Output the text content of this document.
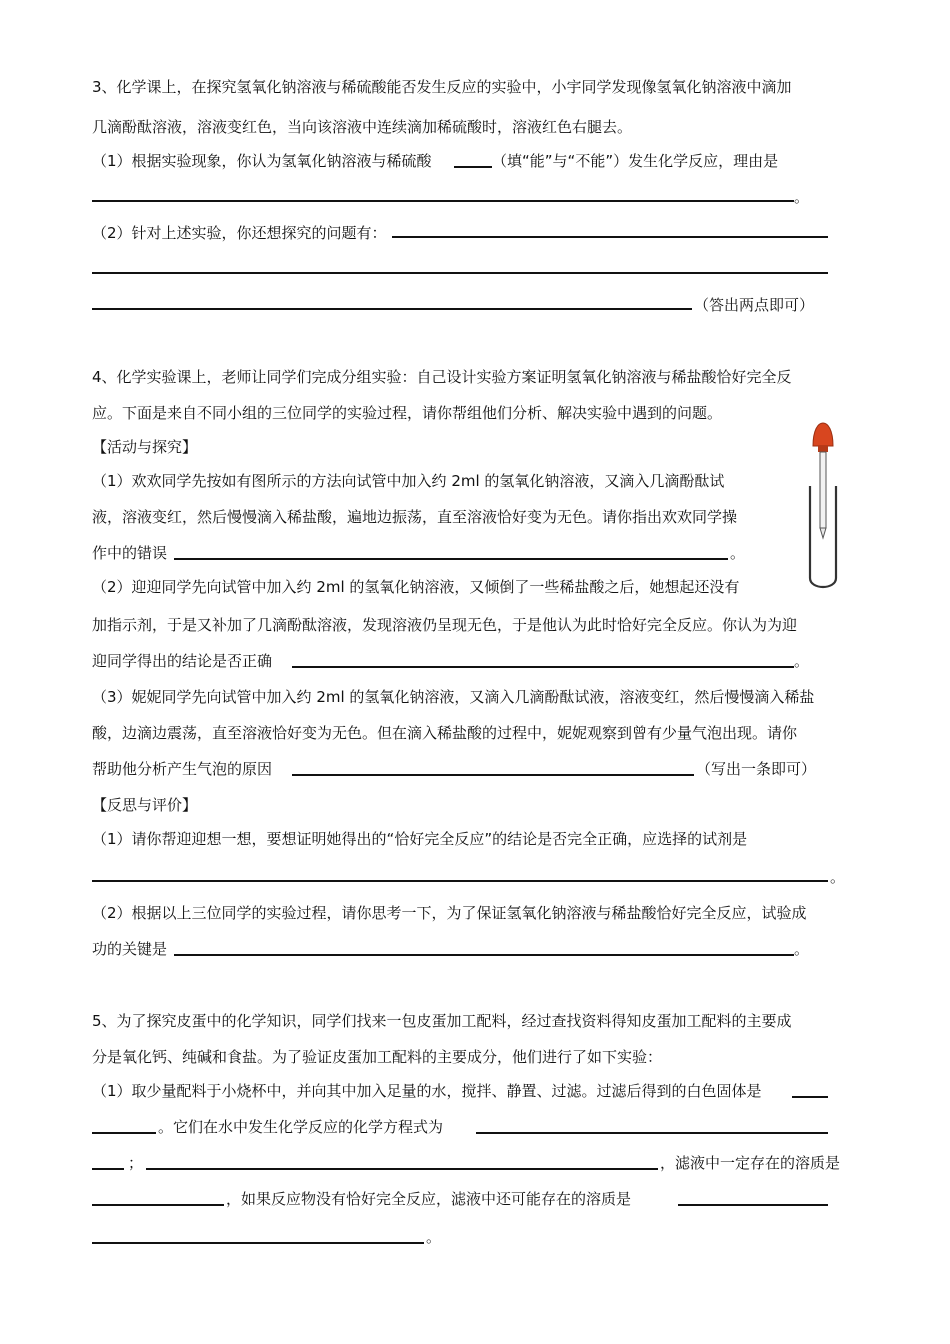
3、化学课上，在探究氢氧化钠溶液与稀硫酸能否发生反应的实验中，小宇同学发现像氢氧化钠溶液中滴加
几滴酚酞溶液，溶液变红色，当向该溶液中连续滴加稀硫酸时，溶液红色右腿去。
（1）根据实验现象，你认为氢氧化钠溶液与稀硫酸	（填“能”与“不能”）发生化学反应，理由是
。
（2）针对上述实验，你还想探究的问题有：
（答出两点即可）
4、化学实验课上，老师让同学们完成分组实验：自己设计实验方案证明氢氧化钠溶液与稀盐酸恰好完全反
应。下面是来自不同小组的三位同学的实验过程，请你帮组他们分析、解决实验中遇到的问题。
【活动与探究】
（1）欢欢同学先按如有图所示的方法向试管中加入约 2ml 的氢氧化钠溶液，又滴入几滴酚酞试
液，溶液变红，然后慢慢滴入稀盐酸，遍地边振荡，直至溶液恰好变为无色。请你指出欢欢同学操
作中的错误	。
（2）迎迎同学先向试管中加入约 2ml 的氢氧化钠溶液，又倾倒了一些稀盐酸之后，她想起还没有
加指示剂，于是又补加了几滴酚酞溶液，发现溶液仍呈现无色，于是他认为此时恰好完全反应。你认为为迎
迎同学得出的结论是否正确	。
（3）妮妮同学先向试管中加入约 2ml 的氢氧化钠溶液，又滴入几滴酚酞试液，溶液变红，然后慢慢滴入稀盐
酸，边滴边震荡，直至溶液恰好变为无色。但在滴入稀盐酸的过程中，妮妮观察到曾有少量气泡出现。请你
帮助他分析产生气泡的原因	（写出一条即可）
【反思与评价】
（1）请你帮迎迎想一想，要想证明她得出的“恰好完全反应”的结论是否完全正确，应选择的试剂是
。
（2）根据以上三位同学的实验过程，请你思考一下，为了保证氢氧化钠溶液与稀盐酸恰好完全反应，试验成
功的关键是	。
5、为了探究皮蛋中的化学知识，同学们找来一包皮蛋加工配料，经过查找资料得知皮蛋加工配料的主要成
分是氧化钙、纯碱和食盐。为了验证皮蛋加工配料的主要成分，他们进行了如下实验：
（1）取少量配料于小烧杯中，并向其中加入足量的水，搅拌、静置、过滤。过滤后得到的白色固体是
。它们在水中发生化学反应的化学方程式为
；	，滤液中一定存在的溶质是
，如果反应物没有恰好完全反应，滤液中还可能存在的溶质是
。
